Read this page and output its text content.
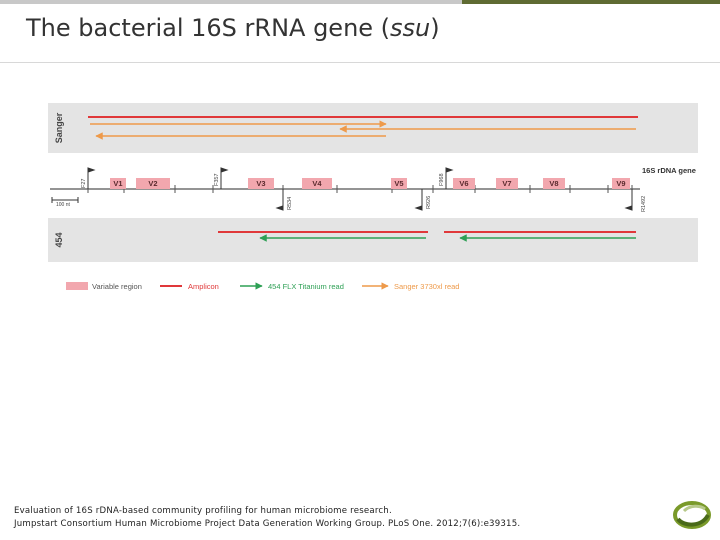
The bacterial 16S rRNA gene (ssu)
Sanger
V1	V2	V3	V4	V5	V6	V7	V8	V9
16S rDNA gene
F27	F357
R534
F968
R926	R1492
100 nt
454
Variable region	Amplicon	454 FLX Titanium read	Sanger 3730xl read
Evaluation of 16S rDNA-based community profiling for human microbiome research.
Jumpstart Consortium Human Microbiome Project Data Generation Working Group. PLoS One. 2012;7(6):e39315.
